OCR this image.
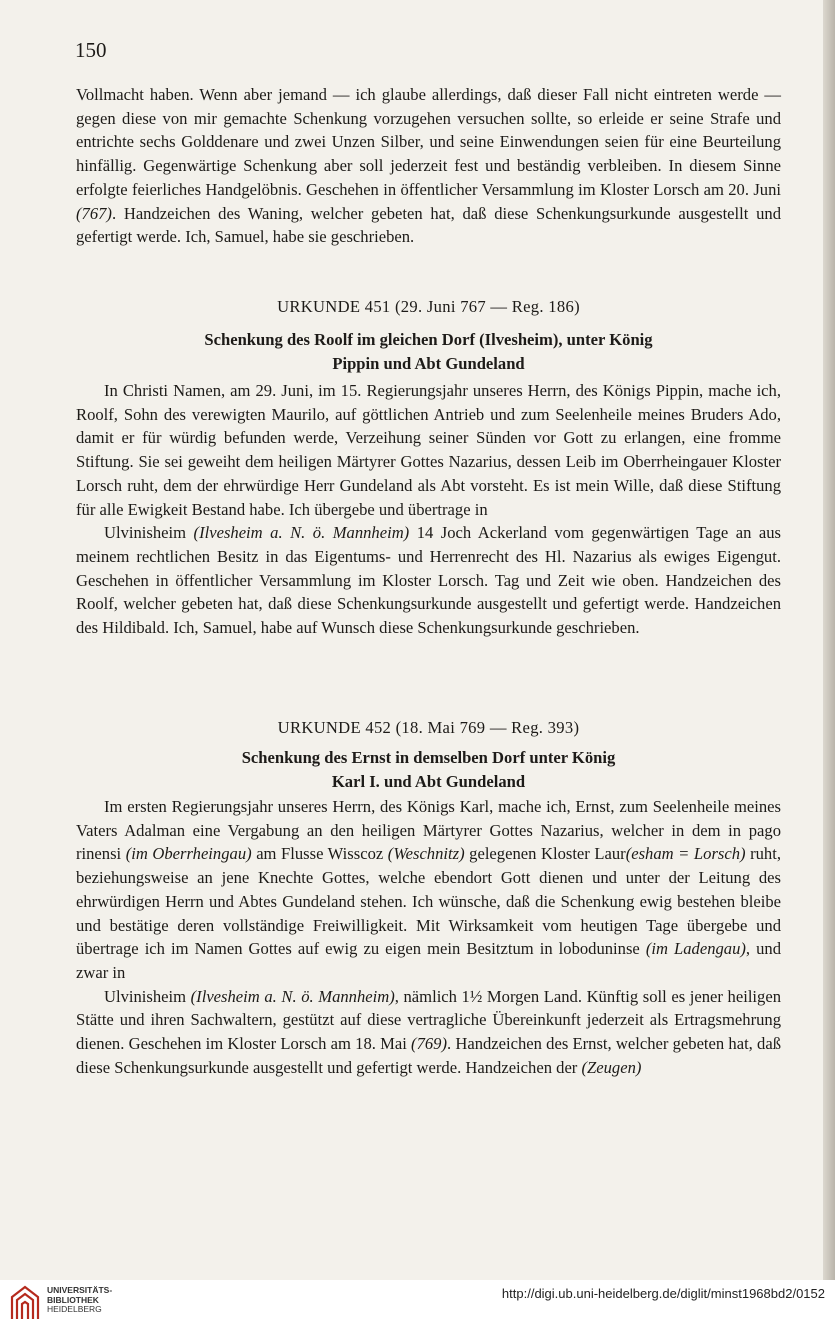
150

Vollmacht haben. Wenn aber jemand — ich glaube allerdings, daß dieser Fall nicht eintreten werde — gegen diese von mir gemachte Schenkung vorzugehen versuchen sollte, so erleide er seine Strafe und entrichte sechs Golddenare und zwei Unzen Silber, und seine Einwendungen seien für eine Beurteilung hinfällig. Gegenwärtige Schenkung aber soll jederzeit fest und beständig verbleiben. In diesem Sinne erfolgte feierliches Handgelöbnis. Geschehen in öffentlicher Versammlung im Kloster Lorsch am 20. Juni (767). Handzeichen des Waning, welcher gebeten hat, daß diese Schenkungsurkunde ausgestellt und gefertigt werde. Ich, Samuel, habe sie geschrieben.

URKUNDE 451 (29. Juni 767 — Reg. 186)
Schenkung des Roolf im gleichen Dorf (Ilvesheim), unter König
Pippin und Abt Gundeland

In Christi Namen, am 29. Juni, im 15. Regierungsjahr unseres Herrn, des Königs Pippin, mache ich, Roolf, Sohn des verewigten Maurilo, auf göttlichen Antrieb und zum Seelenheile meines Bruders Ado, damit er für würdig befunden werde, Verzeihung seiner Sünden vor Gott zu erlangen, eine fromme Stiftung. Sie sei geweiht dem heiligen Märtyrer Gottes Nazarius, dessen Leib im Oberrheingauer Kloster Lorsch ruht, dem der ehrwürdige Herr Gundeland als Abt vorsteht. Es ist mein Wille, daß diese Stiftung für alle Ewigkeit Bestand habe. Ich übergebe und übertrage in

Ulvinisheim (Ilvesheim a. N. ö. Mannheim) 14 Joch Ackerland vom gegenwärtigen Tage an aus meinem rechtlichen Besitz in das Eigentums- und Herrenrecht des Hl. Nazarius als ewiges Eigengut. Geschehen in öffentlicher Versammlung im Kloster Lorsch. Tag und Zeit wie oben. Handzeichen des Roolf, welcher gebeten hat, daß diese Schenkungsurkunde ausgestellt und gefertigt werde. Handzeichen des Hildibald. Ich, Samuel, habe auf Wunsch diese Schenkungsurkunde geschrieben.

URKUNDE 452 (18. Mai 769 — Reg. 393)
Schenkung des Ernst in demselben Dorf unter König
Karl I. und Abt Gundeland

Im ersten Regierungsjahr unseres Herrn, des Königs Karl, mache ich, Ernst, zum Seelenheile meines Vaters Adalman eine Vergabung an den heiligen Märtyrer Gottes Nazarius, welcher in dem in pago rinensi (im Oberrheingau) am Flusse Wisscoz (Weschnitz) gelegenen Kloster Laur(esham = Lorsch) ruht, beziehungsweise an jene Knechte Gottes, welche ebendort Gott dienen und unter der Leitung des ehrwürdigen Herrn und Abtes Gundeland stehen. Ich wünsche, daß die Schenkung ewig bestehen bleibe und bestätige deren vollständige Freiwilligkeit. Mit Wirksamkeit vom heutigen Tage übergebe und übertrage ich im Namen Gottes auf ewig zu eigen mein Besitztum in loboduninse (im Ladengau), und zwar in

Ulvinisheim (Ilvesheim a. N. ö. Mannheim), nämlich 1½ Morgen Land. Künftig soll es jener heiligen Stätte und ihren Sachwaltern, gestützt auf diese vertragliche Übereinkunft jederzeit als Ertragsmehrung dienen. Geschehen im Kloster Lorsch am 18. Mai (769). Handzeichen des Ernst, welcher gebeten hat, daß diese Schenkungsurkunde ausgestellt und gefertigt werde. Handzeichen der (Zeugen)

UNIVERSITÄTS-
BIBLIOTHEK
HEIDELBERG
http://digi.ub.uni-heidelberg.de/diglit/minst1968bd2/0152
